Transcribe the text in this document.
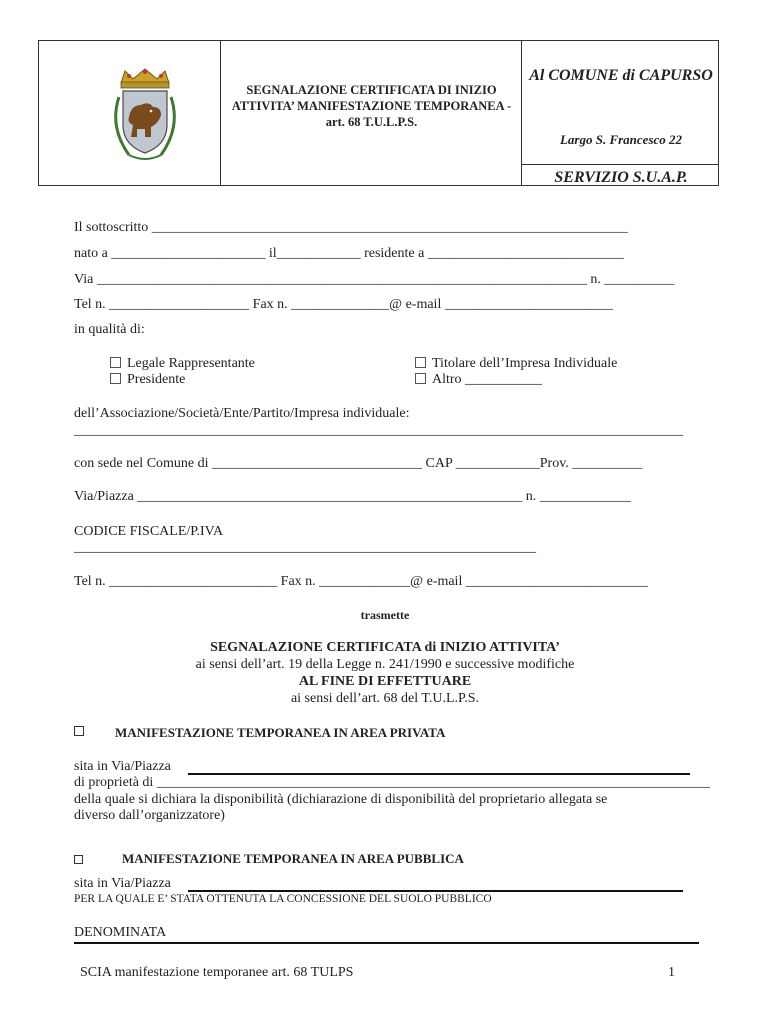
SEGNALAZIONE CERTIFICATA DI INIZIO ATTIVITA’ MANIFESTAZIONE TEMPORANEA - art. 68 T.U.L.P.S.
Al COMUNE di CAPURSO
Largo S. Francesco 22
SERVIZIO S.U.A.P.
Il sottoscritto ____________________________________________________________________
nato a ______________________ il____________ residente a ____________________________
Via ______________________________________________________________________ n. __________
Tel n. ____________________ Fax n. ______________@ e-mail ________________________
in qualità di:
Legale Rappresentante
Presidente
Titolare dell’Impresa Individuale
Altro ___________
dell’Associazione/Società/Ente/Partito/Impresa individuale:
_______________________________________________________________________________________
con sede nel Comune di ______________________________ CAP ____________Prov. __________
Via/Piazza _______________________________________________________ n. _____________
CODICE FISCALE/P.IVA
__________________________________________________________________
Tel n. ________________________ Fax n. _____________@ e-mail __________________________
trasmette
SEGNALAZIONE CERTIFICATA di INIZIO ATTIVITA’
ai sensi dell’art. 19 della Legge n. 241/1990 e successive modifiche
AL FINE DI EFFETTUARE
ai sensi dell’art. 68 del T.U.L.P.S.
MANIFESTAZIONE TEMPORANEA IN AREA PRIVATA
sita in Via/Piazza
di proprietà di _______________________________________________________________________________
della quale si dichiara la disponibilità (dichiarazione di disponibilità del proprietario allegata se
diverso dall’organizzatore)
MANIFESTAZIONE TEMPORANEA IN AREA PUBBLICA
sita in Via/Piazza
PER LA QUALE E’ STATA OTTENUTA LA CONCESSIONE DEL SUOLO PUBBLICO
DENOMINATA
SCIA manifestazione temporanee art. 68 TULPS	1
